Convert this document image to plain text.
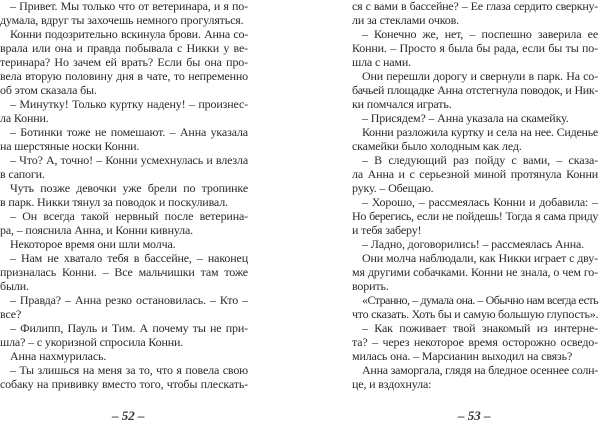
– Привет. Мы только что от ветеринара, и я по-
думала, вдруг ты захочешь немного прогуляться.
Конни подозрительно вскинула брови. Анна со-
врала или она и правда побывала с Никки у ве-
теринара? Но зачем ей врать? Если бы она про-
вела вторую половину дня в чате, то непременно
об этом сказала бы.
– Минутку! Только куртку надену! – произнес-
ла Конни.
– Ботинки тоже не помешают. – Анна указала
на шерстяные носки Конни.
– Что? А, точно! – Конни усмехнулась и влезла
в сапоги.
Чуть позже девочки уже брели по тропинке
в парк. Никки тянул за поводок и поскуливал.
– Он всегда такой нервный после ветерина-
ра, – пояснила Анна, и Конни кивнула.
Некоторое время они шли молча.
– Нам не хватало тебя в бассейне, – наконец
призналась Конни. – Все мальчишки там тоже
были.
– Правда? – Анна резко остановилась. – Кто –
все?
– Филипп, Пауль и Тим. А почему ты не при-
шла? – с укоризной спросила Конни.
Анна нахмурилась.
– Ты злишься на меня за то, что я повела свою
собаку на прививку вместо того, чтобы плескать-
– 52 –
ся с вами в бассейне? – Ее глаза сердито сверкну-
ли за стеклами очков.
– Конечно же, нет, – поспешно заверила ее
Конни. – Просто я была бы рада, если бы ты по-
шла с нами.
Они перешли дорогу и свернули в парк. На со-
бачьей площадке Анна отстегнула поводок, и Ник-
ки помчался играть.
– Присядем? – Анна указала на скамейку.
Конни разложила куртку и села на нее. Сиденье
скамейки было холодным как лед.
– В следующий раз пойду с вами, – сказа-
ла Анна и с серьезной миной протянула Конни
руку. – Обещаю.
– Хорошо, – рассмеялась Конни и добавила: –
Но берегись, если не пойдешь! Тогда я сама приду
и тебя заберу!
– Ладно, договорились! – рассмеялась Анна.
Они молча наблюдали, как Никки играет с дву-
мя другими собачками. Конни не знала, о чем го-
ворить.
«Странно, – думала она. – Обычно нам всегда есть
что сказать. Хоть бы и самую большую глупость».
– Как поживает твой знакомый из интерне-
та? – через некоторое время осторожно осведо-
милась она. – Марсианин выходил на связь?
Анна заморгала, глядя на бледное осеннее солн-
це, и вздохнула:
– 53 –
